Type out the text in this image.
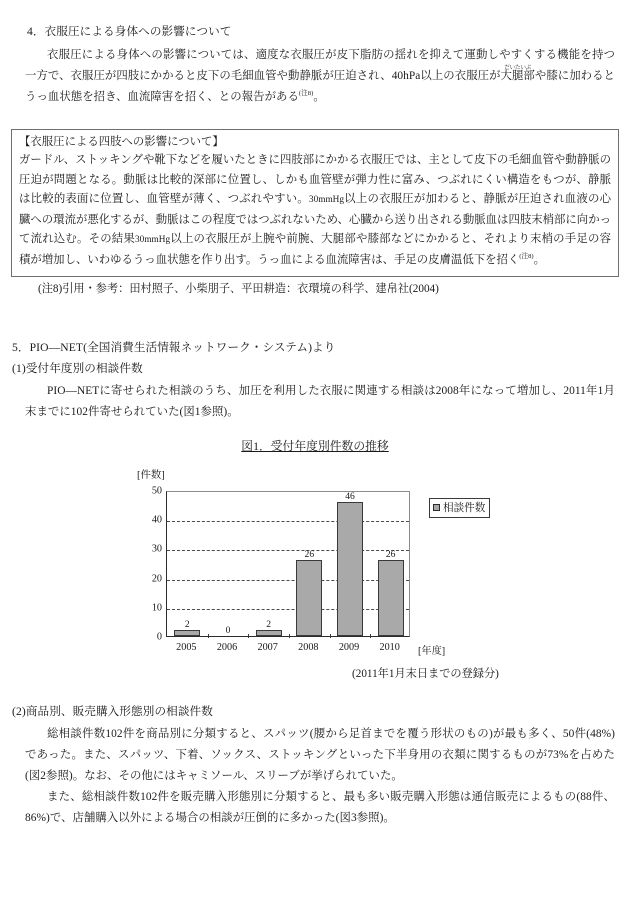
4．衣服圧による身体への影響について

衣服圧による身体への影響については、適度な衣服圧が皮下脂肪の揺れを抑えて運動しやすくする機能を持つ一方で、衣服圧が四肢にかかると皮下の毛細血管や動静脈が圧迫され、40hPa以上の衣服圧が大腿部だいたいぶや膝に加わるとうっ血状態を招き、血流障害を招く、との報告がある$^{(注8)}$。

【衣服圧による四肢への影響について】

ガードル、ストッキングや靴下などを履いたときに四肢部にかかる衣服圧では、主として皮下の毛細血管や動静脈の圧迫が問題となる。動脈は比較的深部に位置し、しかも血管壁が弾力性に富み、つぶれにくい構造をもつが、静脈は比較的表面に位置し、血管壁が薄く、つぶれやすい。30mmHg以上の衣服圧が加わると、静脈が圧迫され血液の心臓への環流が悪化するが、動脈はこの程度ではつぶれないため、心臓から送り出される動脈血は四肢末梢部に向かって流れ込む。その結果30mmHg以上の衣服圧が上腕や前腕、大腿部や膝部などにかかると、それより末梢の手足の容積が増加し、いわゆるうっ血状態を作り出す。うっ血による血流障害は、手足の皮膚温低下を招く$^{(注8)}$。

(注8)引用・参考：田村照子、小柴朋子、平田耕造：衣環境の科学、建帛社(2004)
5．PIO—NET(全国消費生活情報ネットワーク・システム)より
(1)受付年度別の相談件数

PIO—NETに寄せられた相談のうち、加圧を利用した衣服に関連する相談は2008年になって増加し、2011年1月末までに102件寄せられていた(図1参照)。

図1．受付年度別件数の推移
[件数]
0
10
20
30
40
50
2
0
2
26
46
26
2005 2006 2007 2008 2009 2010 [年度]
相談件数
(2011年1月末日までの登録分)
(2)商品別、販売購入形態別の相談件数

総相談件数102件を商品別に分類すると、スパッツ(腰から足首までを覆う形状のもの)が最も多く、50件(48%)であった。また、スパッツ、下着、ソックス、ストッキングといった下半身用の衣類に関するものが73%を占めた(図2参照)。なお、その他にはキャミソール、スリーブが挙げられていた。

また、総相談件数102件を販売購入形態別に分類すると、最も多い販売購入形態は通信販売によるもの(88件、86%)で、店舗購入以外による場合の相談が圧倒的に多かった(図3参照)。
